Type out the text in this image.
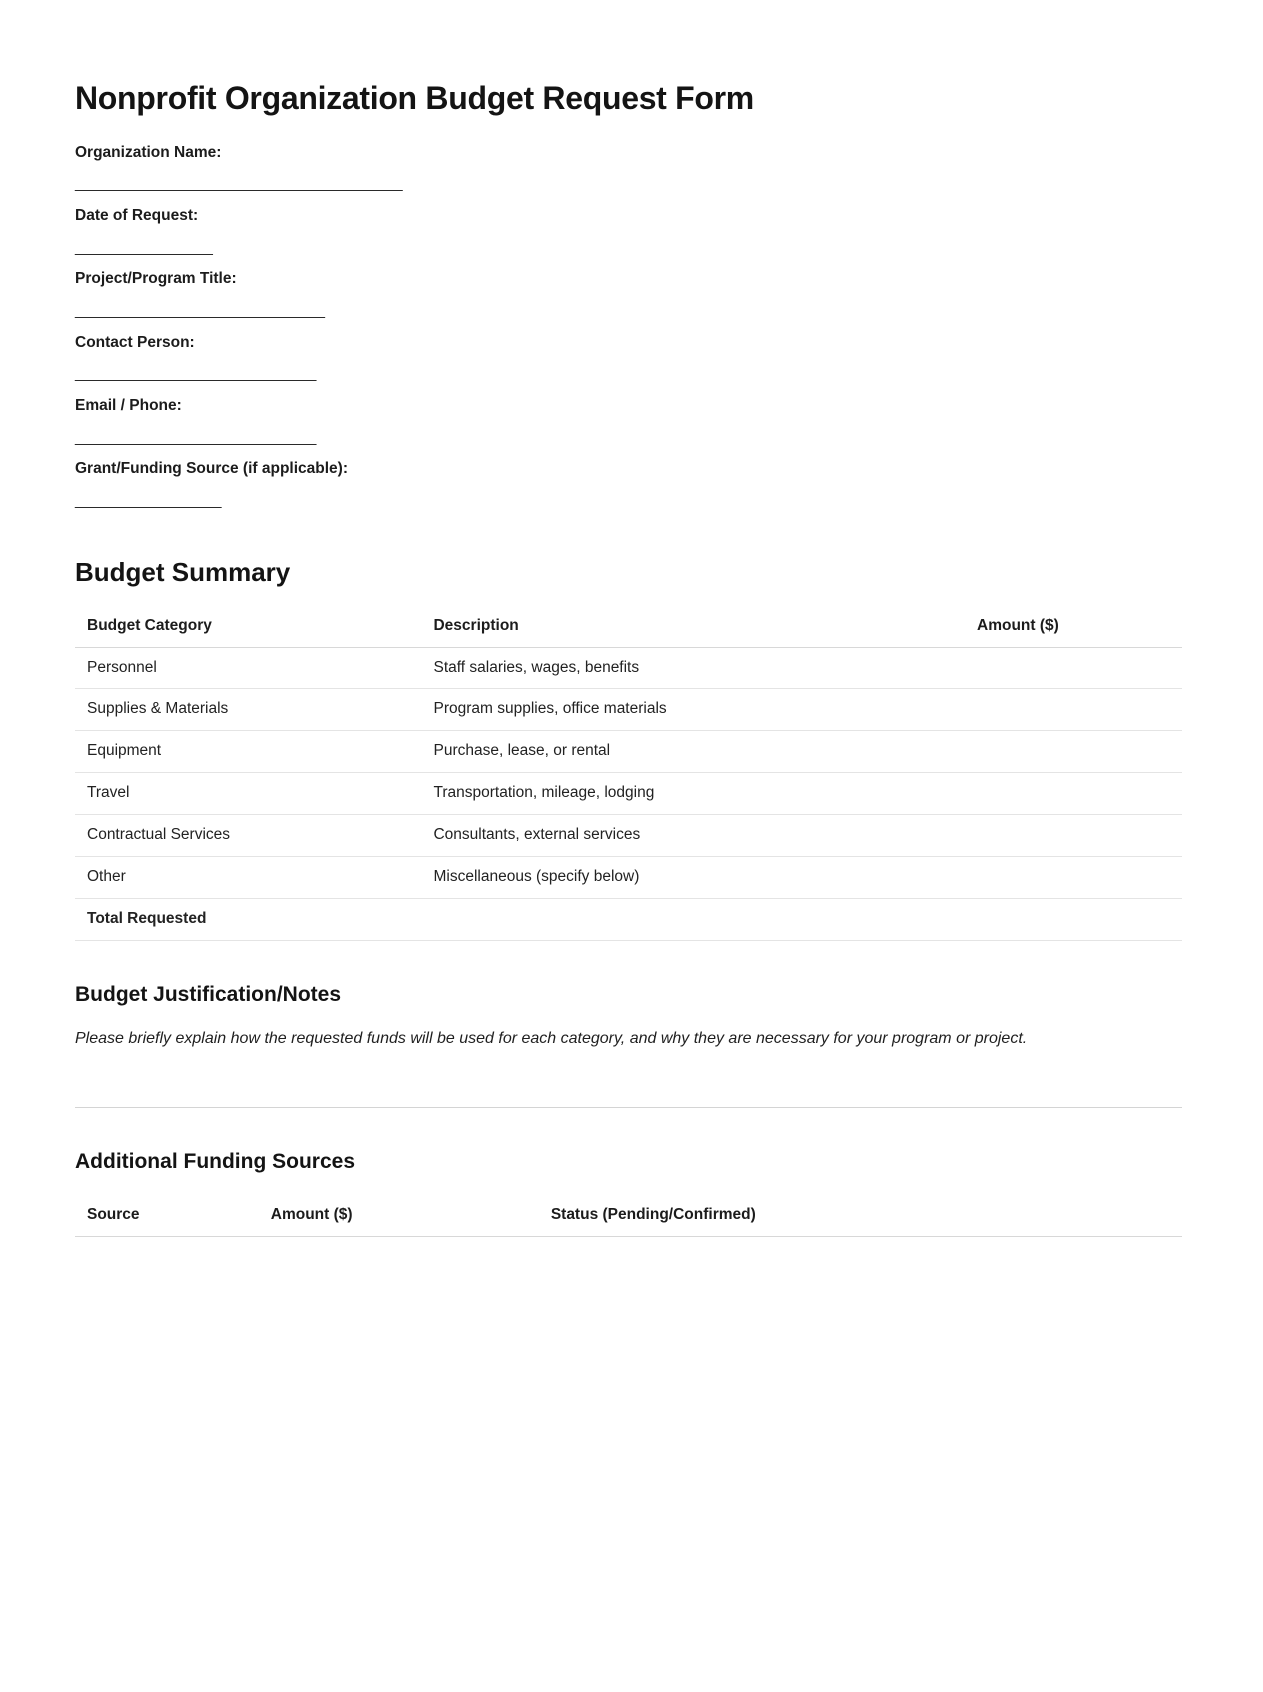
Nonprofit Organization Budget Request Form

Organization Name:

______________________________________

Date of Request:

________________

Project/Program Title:

_____________________________

Contact Person:

____________________________

Email / Phone:

____________________________

Grant/Funding Source (if applicable):

_________________

Budget Summary
Budget Category	Description	Amount ($)
Personnel	Staff salaries, wages, benefits	
Supplies & Materials	Program supplies, office materials	
Equipment	Purchase, lease, or rental	
Travel	Transportation, mileage, lodging	
Contractual Services	Consultants, external services	
Other	Miscellaneous (specify below)	
Total Requested		
Budget Justification/Notes

Please briefly explain how the requested funds will be used for each category, and why they are necessary for your program or project.

Additional Funding Sources
Source	Amount ($)	Status (Pending/Confirmed)
